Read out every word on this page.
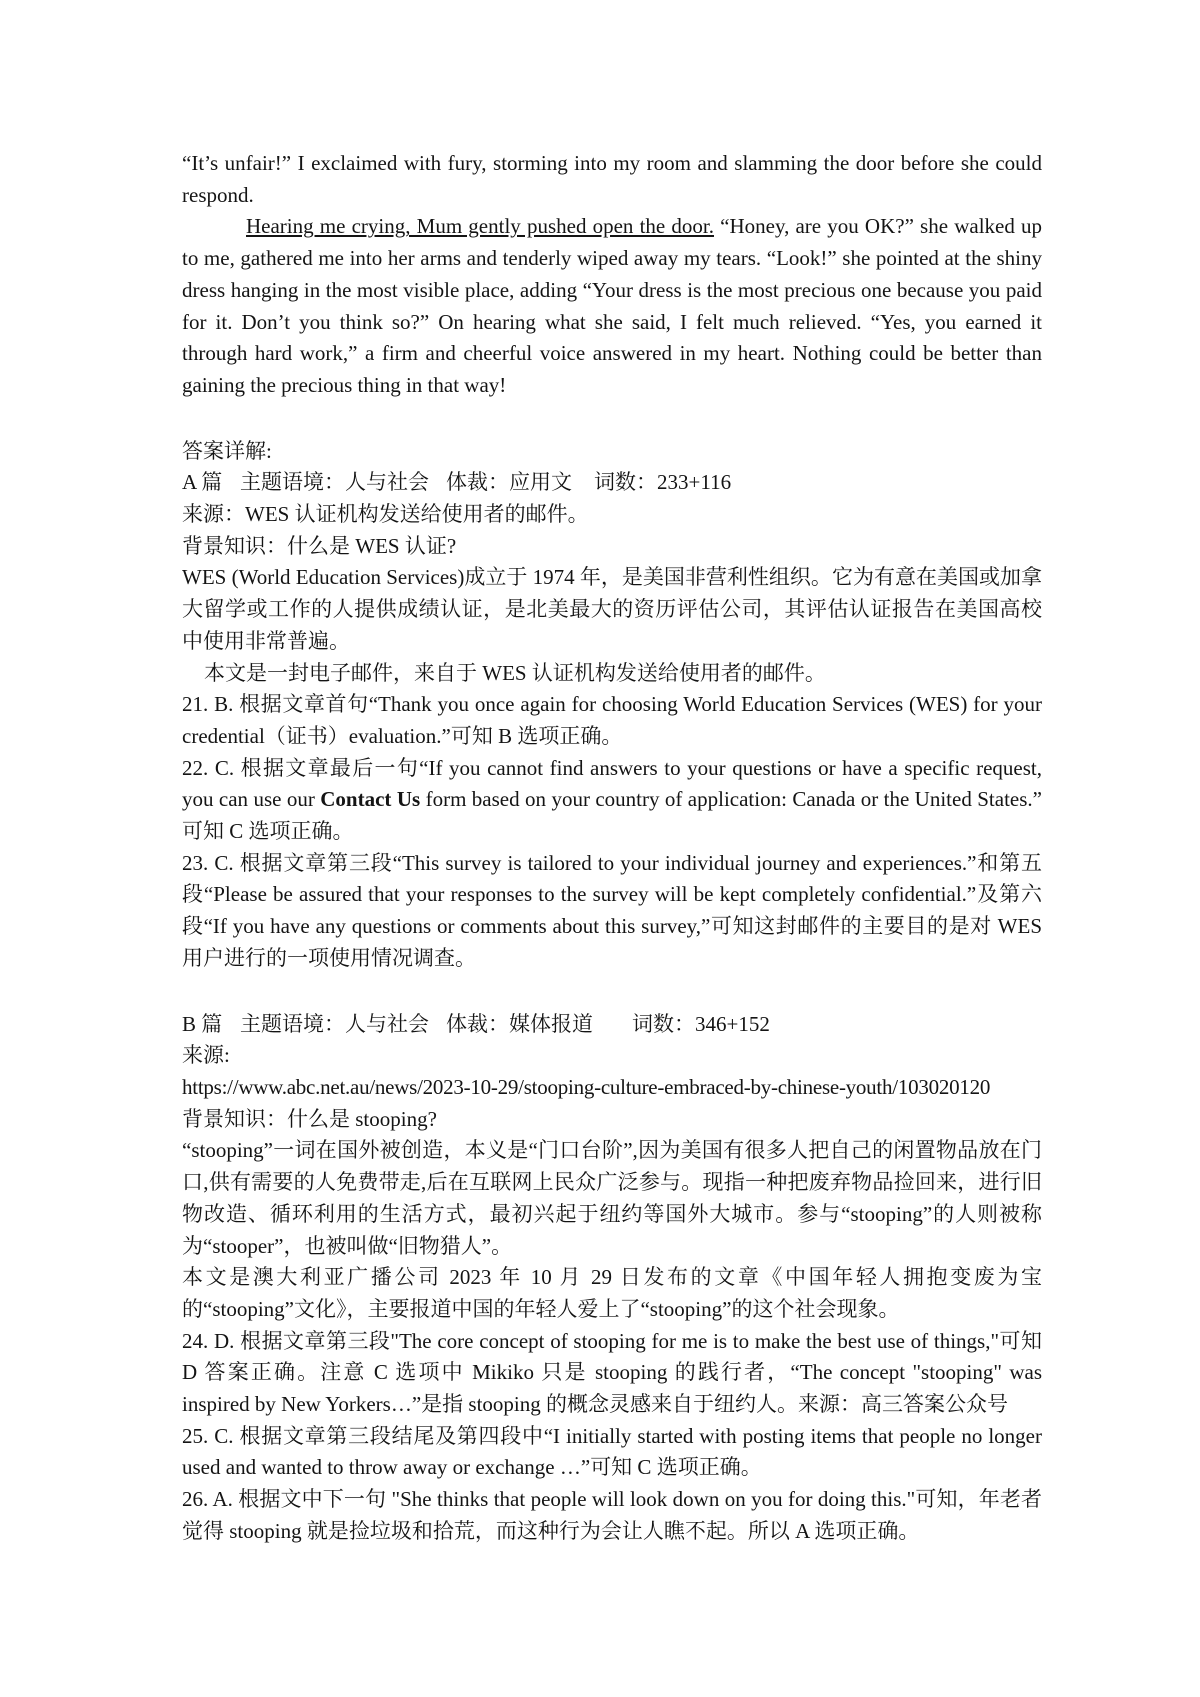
“It’s unfair!” I exclaimed with fury, storming into my room and slamming the door before she could respond.

Hearing me crying, Mum gently pushed open the door. “Honey, are you OK?” she walked up to me, gathered me into her arms and tenderly wiped away my tears. “Look!” she pointed at the shiny dress hanging in the most visible place, adding “Your dress is the most precious one because you paid for it. Don’t you think so?” On hearing what she said, I felt much relieved. “Yes, you earned it through hard work,” a firm and cheerful voice answered in my heart. Nothing could be better than gaining the precious thing in that way!

答案详解:

A 篇 主题语境：人与社会 体裁：应用文 词数：233+116

来源：WES 认证机构发送给使用者的邮件。

背景知识：什么是 WES 认证?

WES (World Education Services)成立于 1974 年，是美国非营利性组织。它为有意在美国或加拿大留学或工作的人提供成绩认证，是北美最大的资历评估公司，其评估认证报告在美国高校中使用非常普遍。

本文是一封电子邮件，来自于 WES 认证机构发送给使用者的邮件。

21. B. 根据文章首句“Thank you once again for choosing World Education Services (WES) for your credential（证书）evaluation.”可知 B 选项正确。

22. C. 根据文章最后一句“If you cannot find answers to your questions or have a specific request, you can use our Contact Us form based on your country of application: Canada or the United States.” 可知 C 选项正确。

23. C. 根据文章第三段“This survey is tailored to your individual journey and experiences.”和第五段“Please be assured that your responses to the survey will be kept completely confidential.”及第六段“If you have any questions or comments about this survey,”可知这封邮件的主要目的是对 WES 用户进行的一项使用情况调查。

B 篇 主题语境：人与社会 体裁：媒体报道 词数：346+152

来源:

https://www.abc.net.au/news/2023-10-29/stooping-culture-embraced-by-chinese-youth/103020120

背景知识：什么是 stooping?

“stooping”一词在国外被创造，本义是“门口台阶”,因为美国有很多人把自己的闲置物品放在门口,供有需要的人免费带走,后在互联网上民众广泛参与。现指一种把废弃物品捡回来，进行旧物改造、循环利用的生活方式，最初兴起于纽约等国外大城市。参与“stooping”的人则被称为“stooper”，也被叫做“旧物猎人”。

本文是澳大利亚广播公司 2023 年 10 月 29 日发布的文章《中国年轻人拥抱变废为宝的“stooping”文化》，主要报道中国的年轻人爱上了“stooping”的这个社会现象。

24. D. 根据文章第三段"The core concept of stooping for me is to make the best use of things,"可知 D 答案正确。注意 C 选项中 Mikiko 只是 stooping 的践行者，“The concept "stooping" was inspired by New Yorkers…”是指 stooping 的概念灵感来自于纽约人。来源：高三答案公众号

25. C. 根据文章第三段结尾及第四段中“I initially started with posting items that people no longer used and wanted to throw away or exchange …”可知 C 选项正确。

26. A. 根据文中下一句 "She thinks that people will look down on you for doing this."可知，年老者觉得 stooping 就是捡垃圾和拾荒，而这种行为会让人瞧不起。所以 A 选项正确。
